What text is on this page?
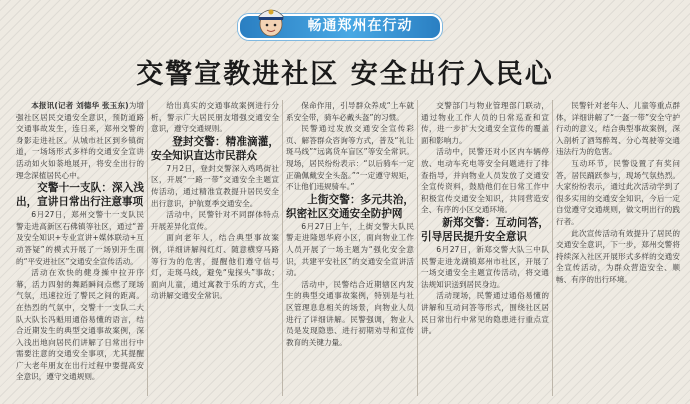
畅通郑州在行动
交警宣教进社区 安全出行入民心

本报讯(记者 刘德华 张玉东)为增强社区居民交通安全意识，预防道路交通事故发生，连日来，郑州交警的身影走进社区。从城市社区到乡镇街道，一场场形式多样的交通安全宣讲活动如火如荼地展开，将安全出行的理念深植居民心中。

交警十一支队：深入浅出，宣讲日常出行注意事项

6月27日，郑州交警十一支队民警走进高新区石佛镇等社区，通过“普及安全知识+专业宣讲+媒体联动+互动答疑”的模式开展了一场别开生面的“平安进社区”交通安全宣传活动。

活动在欢快的健身操中拉开序幕，活力四射的舞蹈瞬间点燃了现场气氛，迅速拉近了警民之间的距离。在热烈的气氛中，交警十一支队二大队大队长冯魁用通俗易懂的语言，结合近期发生的典型交通事故案例，深入浅出地向居民们讲解了日常出行中需要注意的交通安全事项，尤其提醒广大老年朋友在出行过程中要提高安全意识，遵守交通规则。

给出真实的交通事故案例进行分析，警示广大居民朋友增强交通安全意识，遵守交通规则。

登封交警：精准滴灌，安全知识直达市民群众

7月2日，登封交警深入鸡鸣街社区，开展“一路一带”交通安全主题宣传活动，通过精准宣教提升居民安全出行意识，护航夏季交通安全。

活动中，民警针对不同群体特点开展差异化宣传。

面向老年人，结合典型事故案例，详细讲解闯红灯、随意横穿马路等行为的危害，提醒他们遵守信号灯，走斑马线，避免“鬼探头”事故；面向儿童，通过寓教于乐的方式，生动讲解交通安全常识。

保命作用，引导群众养成“上车就系安全带，骑车必戴头盔”的习惯。

民警通过发放交通安全宣传彩页、解答群众咨询等方式，普及“礼让斑马线”“远离货车盲区”等安全常识。现场，居民纷纷表示：“以后骑车一定正确佩戴安全头盔。”“一定遵守规矩，不让他们违规骑车。”

上街交警：多元共治，织密社区交通安全防护网

6月27日上午，上街交警大队民警走进隆恩华府小区，面向物业工作人员开展了一场主题为“强化安全意识，共建平安社区”的交通安全宣讲活动。

活动中，民警结合近期辖区内发生的典型交通事故案例，特别是与社区管理息息相关的场景，向物业人员进行了详细讲解。民警强调，物业人员是发现隐患、进行初期劝导和宣传教育的关键力量。

交警部门与物业管理部门联动，通过物业工作人员的日常巡查和宣传，进一步扩大交通安全宣传的覆盖面和影响力。

活动中，民警还对小区内车辆停放、电动车充电等安全问题进行了排查指导，并向物业人员发放了交通安全宣传资料，鼓励他们在日常工作中积极宣传交通安全知识，共同营造安全、有序的小区交通环境。

新郑交警：互动问答，引导居民提升安全意识

6月27日，新郑交警大队三中队民警走进龙湖镇郑州市社区，开展了一场交通安全主题宣传活动，将交通法规知识送到居民身边。

活动现场，民警通过通俗易懂的讲解和互动问答等形式，围绕社区居民日常出行中常见的隐患进行重点宣讲。

民警针对老年人、儿童等重点群体，详细讲解了“一盔一带”安全守护行动的意义，结合典型事故案例，深入剖析了酒驾醉驾、分心驾驶等交通违法行为的危害。

互动环节，民警设置了有奖问答，居民踊跃参与，现场气氛热烈。大家纷纷表示，通过此次活动学到了很多实用的交通安全知识，今后一定自觉遵守交通规则，做文明出行的践行者。

此次宣传活动有效提升了居民的交通安全意识，下一步，郑州交警将持续深入社区开展形式多样的交通安全宣传活动，为群众营造安全、顺畅、有序的出行环境。
